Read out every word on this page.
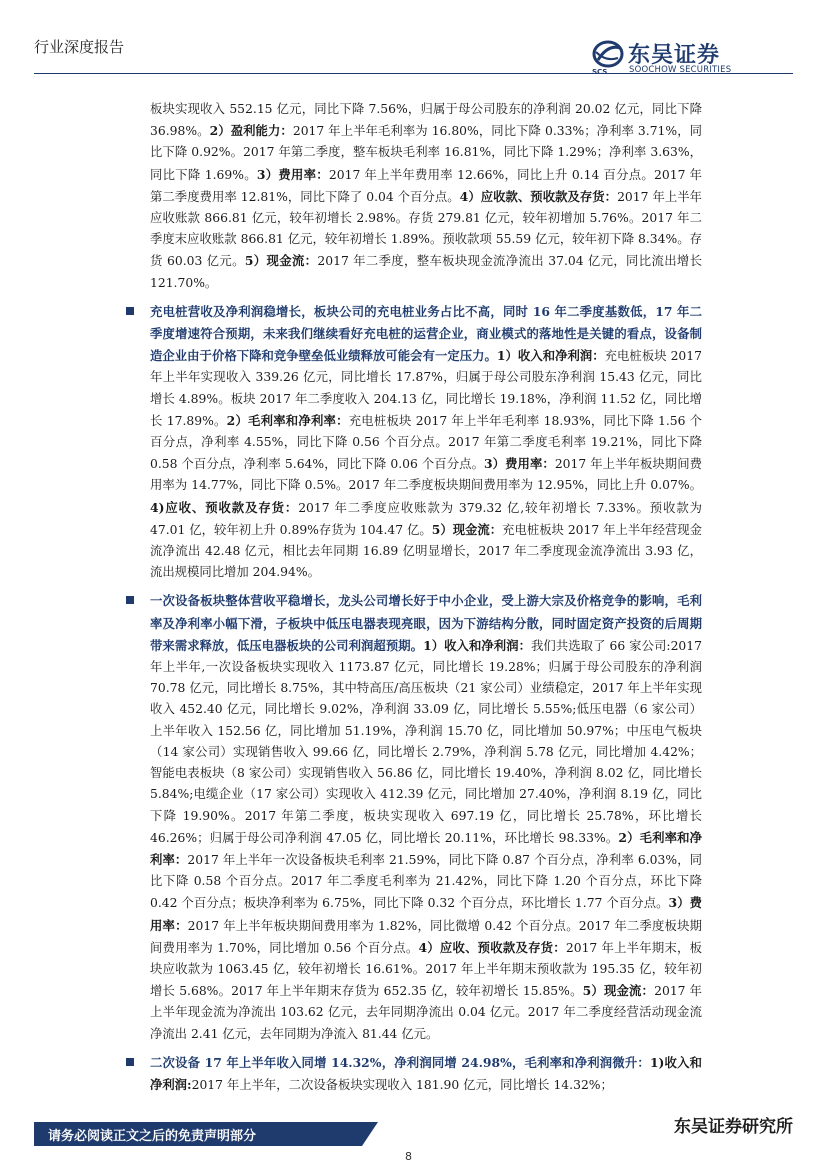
行业深度报告
SCS
东吴证券
SOOCHOW SECURITIES
板块实现收入 552.15 亿元，同比下降 7.56%，归属于母公司股东的净利润 20.02 亿元，同比下降 36.98%。2）盈利能力：2017 年上半年毛利率为 16.80%，同比下降 0.33%；净利率 3.71%，同比下降 0.92%。2017 年第二季度，整车板块毛利率 16.81%，同比下降 1.29%；净利率 3.63%，同比下降 1.69%。3）费用率：2017 年上半年费用率 12.66%，同比上升 0.14 百分点。2017 年第二季度费用率 12.81%，同比下降了 0.04 个百分点。4）应收款、预收款及存货：2017 年上半年应收账款 866.81 亿元，较年初增长 2.98%。存货 279.81 亿元，较年初增加 5.76%。2017 年二季度末应收账款 866.81 亿元，较年初增长 1.89%。预收款项 55.59 亿元，较年初下降 8.34%。存货 60.03 亿元。5）现金流：2017 年二季度，整车板块现金流净流出 37.04 亿元，同比流出增长 121.70%。
充电桩营收及净利润稳增长，板块公司的充电桩业务占比不高，同时 16 年二季度基数低，17 年二季度增速符合预期，未来我们继续看好充电桩的运营企业，商业模式的落地性是关键的看点，设备制造企业由于价格下降和竞争壁垒低业绩释放可能会有一定压力。1）收入和净利润：充电桩板块 2017 年上半年实现收入 339.26 亿元，同比增长 17.87%，归属于母公司股东净利润 15.43 亿元，同比增长 4.89%。板块 2017 年二季度收入 204.13 亿，同比增长 19.18%，净利润 11.52 亿，同比增长 17.89%。2）毛利率和净利率：充电桩板块 2017 年上半年毛利率 18.93%，同比下降 1.56 个百分点，净利率 4.55%，同比下降 0.56 个百分点。2017 年第二季度毛利率 19.21%，同比下降 0.58 个百分点，净利率 5.64%，同比下降 0.06 个百分点。3）费用率：2017 年上半年板块期间费用率为 14.77%，同比下降 0.5%。2017 年二季度板块期间费用率为 12.95%，同比上升 0.07%。4)应收、预收款及存货：2017 年二季度应收账款为 379.32 亿,较年初增长 7.33%。预收款为 47.01 亿，较年初上升 0.89%存货为 104.47 亿。5）现金流：充电桩板块 2017 年上半年经营现金流净流出 42.48 亿元，相比去年同期 16.89 亿明显增长，2017 年二季度现金流净流出 3.93 亿，流出规模同比增加 204.94%。
一次设备板块整体营收平稳增长，龙头公司增长好于中小企业，受上游大宗及价格竞争的影响，毛利率及净利率小幅下滑，子板块中低压电器表现亮眼，因为下游结构分散，同时固定资产投资的后周期带来需求释放，低压电器板块的公司利润超预期。1）收入和净利润：我们共选取了 66 家公司:2017 年上半年,一次设备板块实现收入 1173.87 亿元，同比增长 19.28%；归属于母公司股东的净利润 70.78 亿元，同比增长 8.75%，其中特高压/高压板块（21 家公司）业绩稳定，2017 年上半年实现收入 452.40 亿元，同比增长 9.02%，净利润 33.09 亿，同比增长 5.55%;低压电器（6 家公司）上半年收入 152.56 亿，同比增加 51.19%，净利润 15.70 亿，同比增加 50.97%；中压电气板块（14 家公司）实现销售收入 99.66 亿，同比增长 2.79%，净利润 5.78 亿元，同比增加 4.42%；智能电表板块（8 家公司）实现销售收入 56.86 亿，同比增长 19.40%，净利润 8.02 亿，同比增长 5.84%;电缆企业（17 家公司）实现收入 412.39 亿元，同比增加 27.40%，净利润 8.19 亿，同比下降 19.90%。2017 年第二季度，板块实现收入 697.19 亿，同比增长 25.78%，环比增长 46.26%；归属于母公司净利润 47.05 亿，同比增长 20.11%，环比增长 98.33%。2）毛利率和净利率：2017 年上半年一次设备板块毛利率 21.59%，同比下降 0.87 个百分点，净利率 6.03%，同比下降 0.58 个百分点。2017 年二季度毛利率为 21.42%，同比下降 1.20 个百分点，环比下降 0.42 个百分点；板块净利率为 6.75%，同比下降 0.32 个百分点，环比增长 1.77 个百分点。3）费用率：2017 年上半年板块期间费用率为 1.82%，同比微增 0.42 个百分点。2017 年二季度板块期间费用率为 1.70%，同比增加 0.56 个百分点。4）应收、预收款及存货：2017 年上半年期末，板块应收款为 1063.45 亿，较年初增长 16.61%。2017 年上半年期末预收款为 195.35 亿，较年初增长 5.68%。2017 年上半年期末存货为 652.35 亿，较年初增长 15.85%。5）现金流：2017 年上半年现金流为净流出 103.62 亿元，去年同期净流出 0.04 亿元。2017 年二季度经营活动现金流净流出 2.41 亿元，去年同期为净流入 81.44 亿元。
二次设备 17 年上半年收入同增 14.32%，净利润同增 24.98%，毛利率和净利润微升：1)收入和净利润:2017 年上半年，二次设备板块实现收入 181.90 亿元，同比增长 14.32%；
请务必阅读正文之后的免责声明部分	东吴证券研究所
8
